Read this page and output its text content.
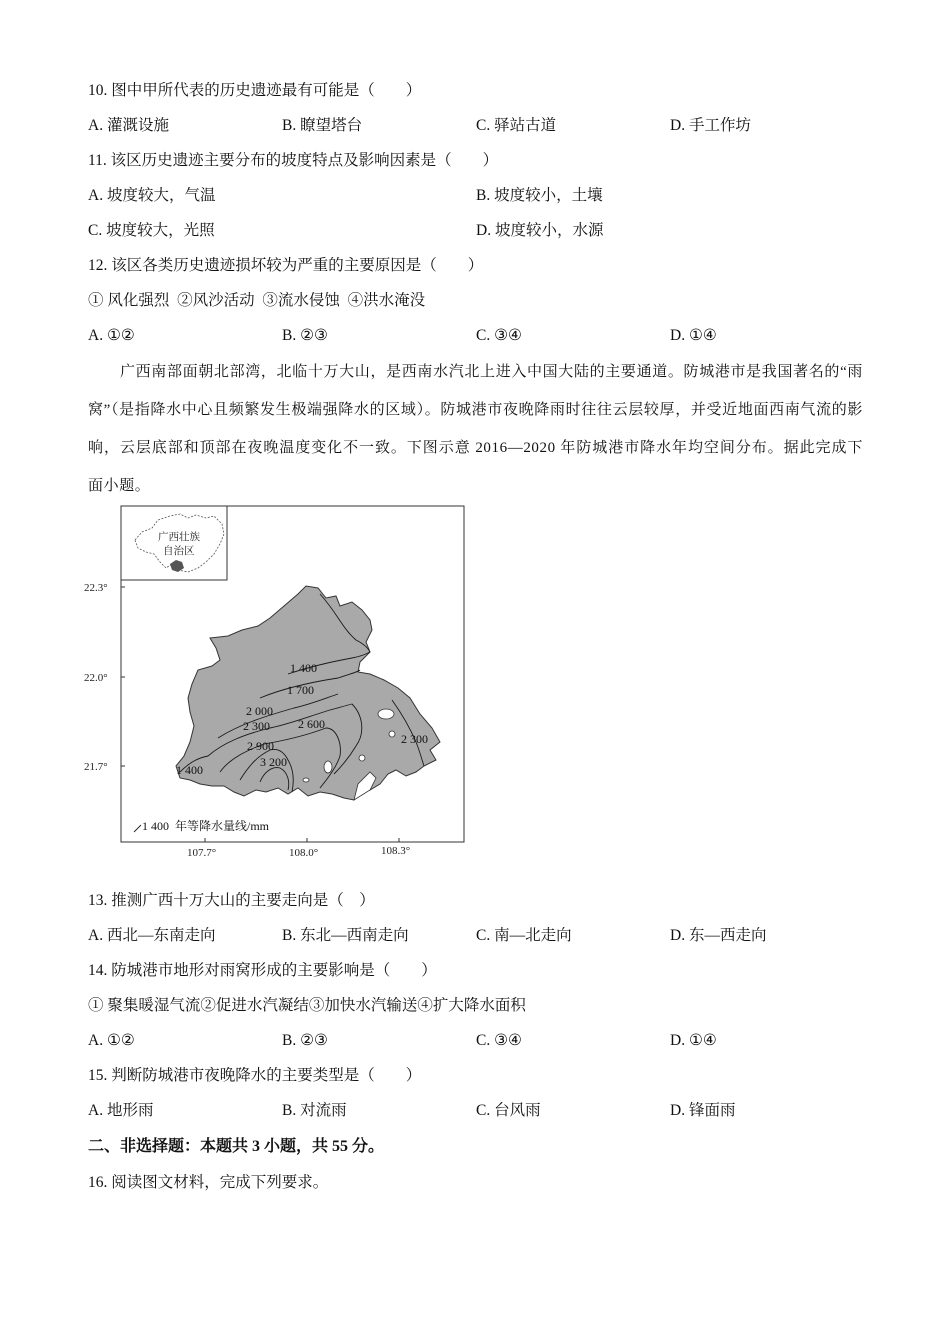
10. 图中甲所代表的历史遗迹最有可能是（　　）
A. 灌溉设施	B. 瞭望塔台	C. 驿站古道	D. 手工作坊
11. 该区历史遗迹主要分布的坡度特点及影响因素是（　　）
A. 坡度较大，气温	B. 坡度较小，土壤
C. 坡度较大，光照	D. 坡度较小，水源
12. 该区各类历史遗迹损坏较为严重的主要原因是（　　）
① 风化强烈  ②风沙活动  ③流水侵蚀  ④洪水淹没
A. ①②	B. ②③	C. ③④	D. ①④
广西南部面朝北部湾，北临十万大山，是西南水汽北上进入中国大陆的主要通道。防城港市是我国著名的“雨窝”（是指降水中心且频繁发生极端强降水的区域）。防城港市夜晚降雨时往往云层较厚，并受近地面西南气流的影响，云层底部和顶部在夜晚温度变化不一致。下图示意 2016—2020 年防城港市降水年均空间分布。据此完成下面小题。
广西壮族
自治区
22.3°
22.0°
21.7°
107.7°	108.0°	108.3°
1 400
1 700
2 000
2 300 2 600
2 900
3 200
2 300
1 400
1 400  年等降水量线/mm
13. 推测广西十万大山的主要走向是（　）
A. 西北—东南走向	B. 东北—西南走向	C. 南—北走向	D. 东—西走向
14. 防城港市地形对雨窝形成的主要影响是（　　）
① 聚集暖湿气流②促进水汽凝结③加快水汽输送④扩大降水面积
A. ①②	B. ②③	C. ③④	D. ①④
15. 判断防城港市夜晚降水的主要类型是（　　）
A. 地形雨	B. 对流雨	C. 台风雨	D. 锋面雨
二、非选择题：本题共 3 小题，共 55 分。
16. 阅读图文材料，完成下列要求。
